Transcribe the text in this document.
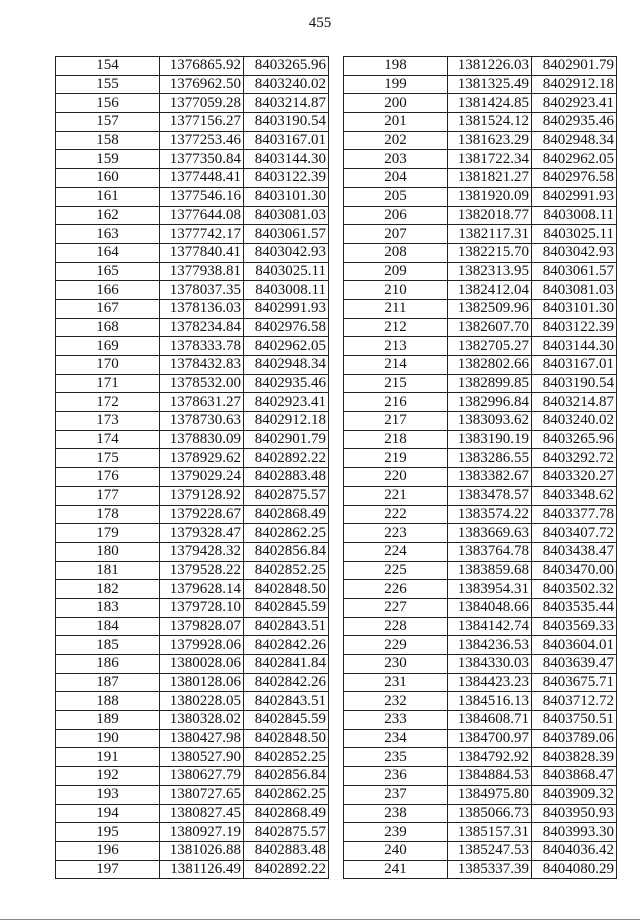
455
154	1376865.92	8403265.96
155	1376962.50	8403240.02
156	1377059.28	8403214.87
157	1377156.27	8403190.54
158	1377253.46	8403167.01
159	1377350.84	8403144.30
160	1377448.41	8403122.39
161	1377546.16	8403101.30
162	1377644.08	8403081.03
163	1377742.17	8403061.57
164	1377840.41	8403042.93
165	1377938.81	8403025.11
166	1378037.35	8403008.11
167	1378136.03	8402991.93
168	1378234.84	8402976.58
169	1378333.78	8402962.05
170	1378432.83	8402948.34
171	1378532.00	8402935.46
172	1378631.27	8402923.41
173	1378730.63	8402912.18
174	1378830.09	8402901.79
175	1378929.62	8402892.22
176	1379029.24	8402883.48
177	1379128.92	8402875.57
178	1379228.67	8402868.49
179	1379328.47	8402862.25
180	1379428.32	8402856.84
181	1379528.22	8402852.25
182	1379628.14	8402848.50
183	1379728.10	8402845.59
184	1379828.07	8402843.51
185	1379928.06	8402842.26
186	1380028.06	8402841.84
187	1380128.06	8402842.26
188	1380228.05	8402843.51
189	1380328.02	8402845.59
190	1380427.98	8402848.50
191	1380527.90	8402852.25
192	1380627.79	8402856.84
193	1380727.65	8402862.25
194	1380827.45	8402868.49
195	1380927.19	8402875.57
196	1381026.88	8402883.48
197	1381126.49	8402892.22
198	1381226.03	8402901.79
199	1381325.49	8402912.18
200	1381424.85	8402923.41
201	1381524.12	8402935.46
202	1381623.29	8402948.34
203	1381722.34	8402962.05
204	1381821.27	8402976.58
205	1381920.09	8402991.93
206	1382018.77	8403008.11
207	1382117.31	8403025.11
208	1382215.70	8403042.93
209	1382313.95	8403061.57
210	1382412.04	8403081.03
211	1382509.96	8403101.30
212	1382607.70	8403122.39
213	1382705.27	8403144.30
214	1382802.66	8403167.01
215	1382899.85	8403190.54
216	1382996.84	8403214.87
217	1383093.62	8403240.02
218	1383190.19	8403265.96
219	1383286.55	8403292.72
220	1383382.67	8403320.27
221	1383478.57	8403348.62
222	1383574.22	8403377.78
223	1383669.63	8403407.72
224	1383764.78	8403438.47
225	1383859.68	8403470.00
226	1383954.31	8403502.32
227	1384048.66	8403535.44
228	1384142.74	8403569.33
229	1384236.53	8403604.01
230	1384330.03	8403639.47
231	1384423.23	8403675.71
232	1384516.13	8403712.72
233	1384608.71	8403750.51
234	1384700.97	8403789.06
235	1384792.92	8403828.39
236	1384884.53	8403868.47
237	1384975.80	8403909.32
238	1385066.73	8403950.93
239	1385157.31	8403993.30
240	1385247.53	8404036.42
241	1385337.39	8404080.29
